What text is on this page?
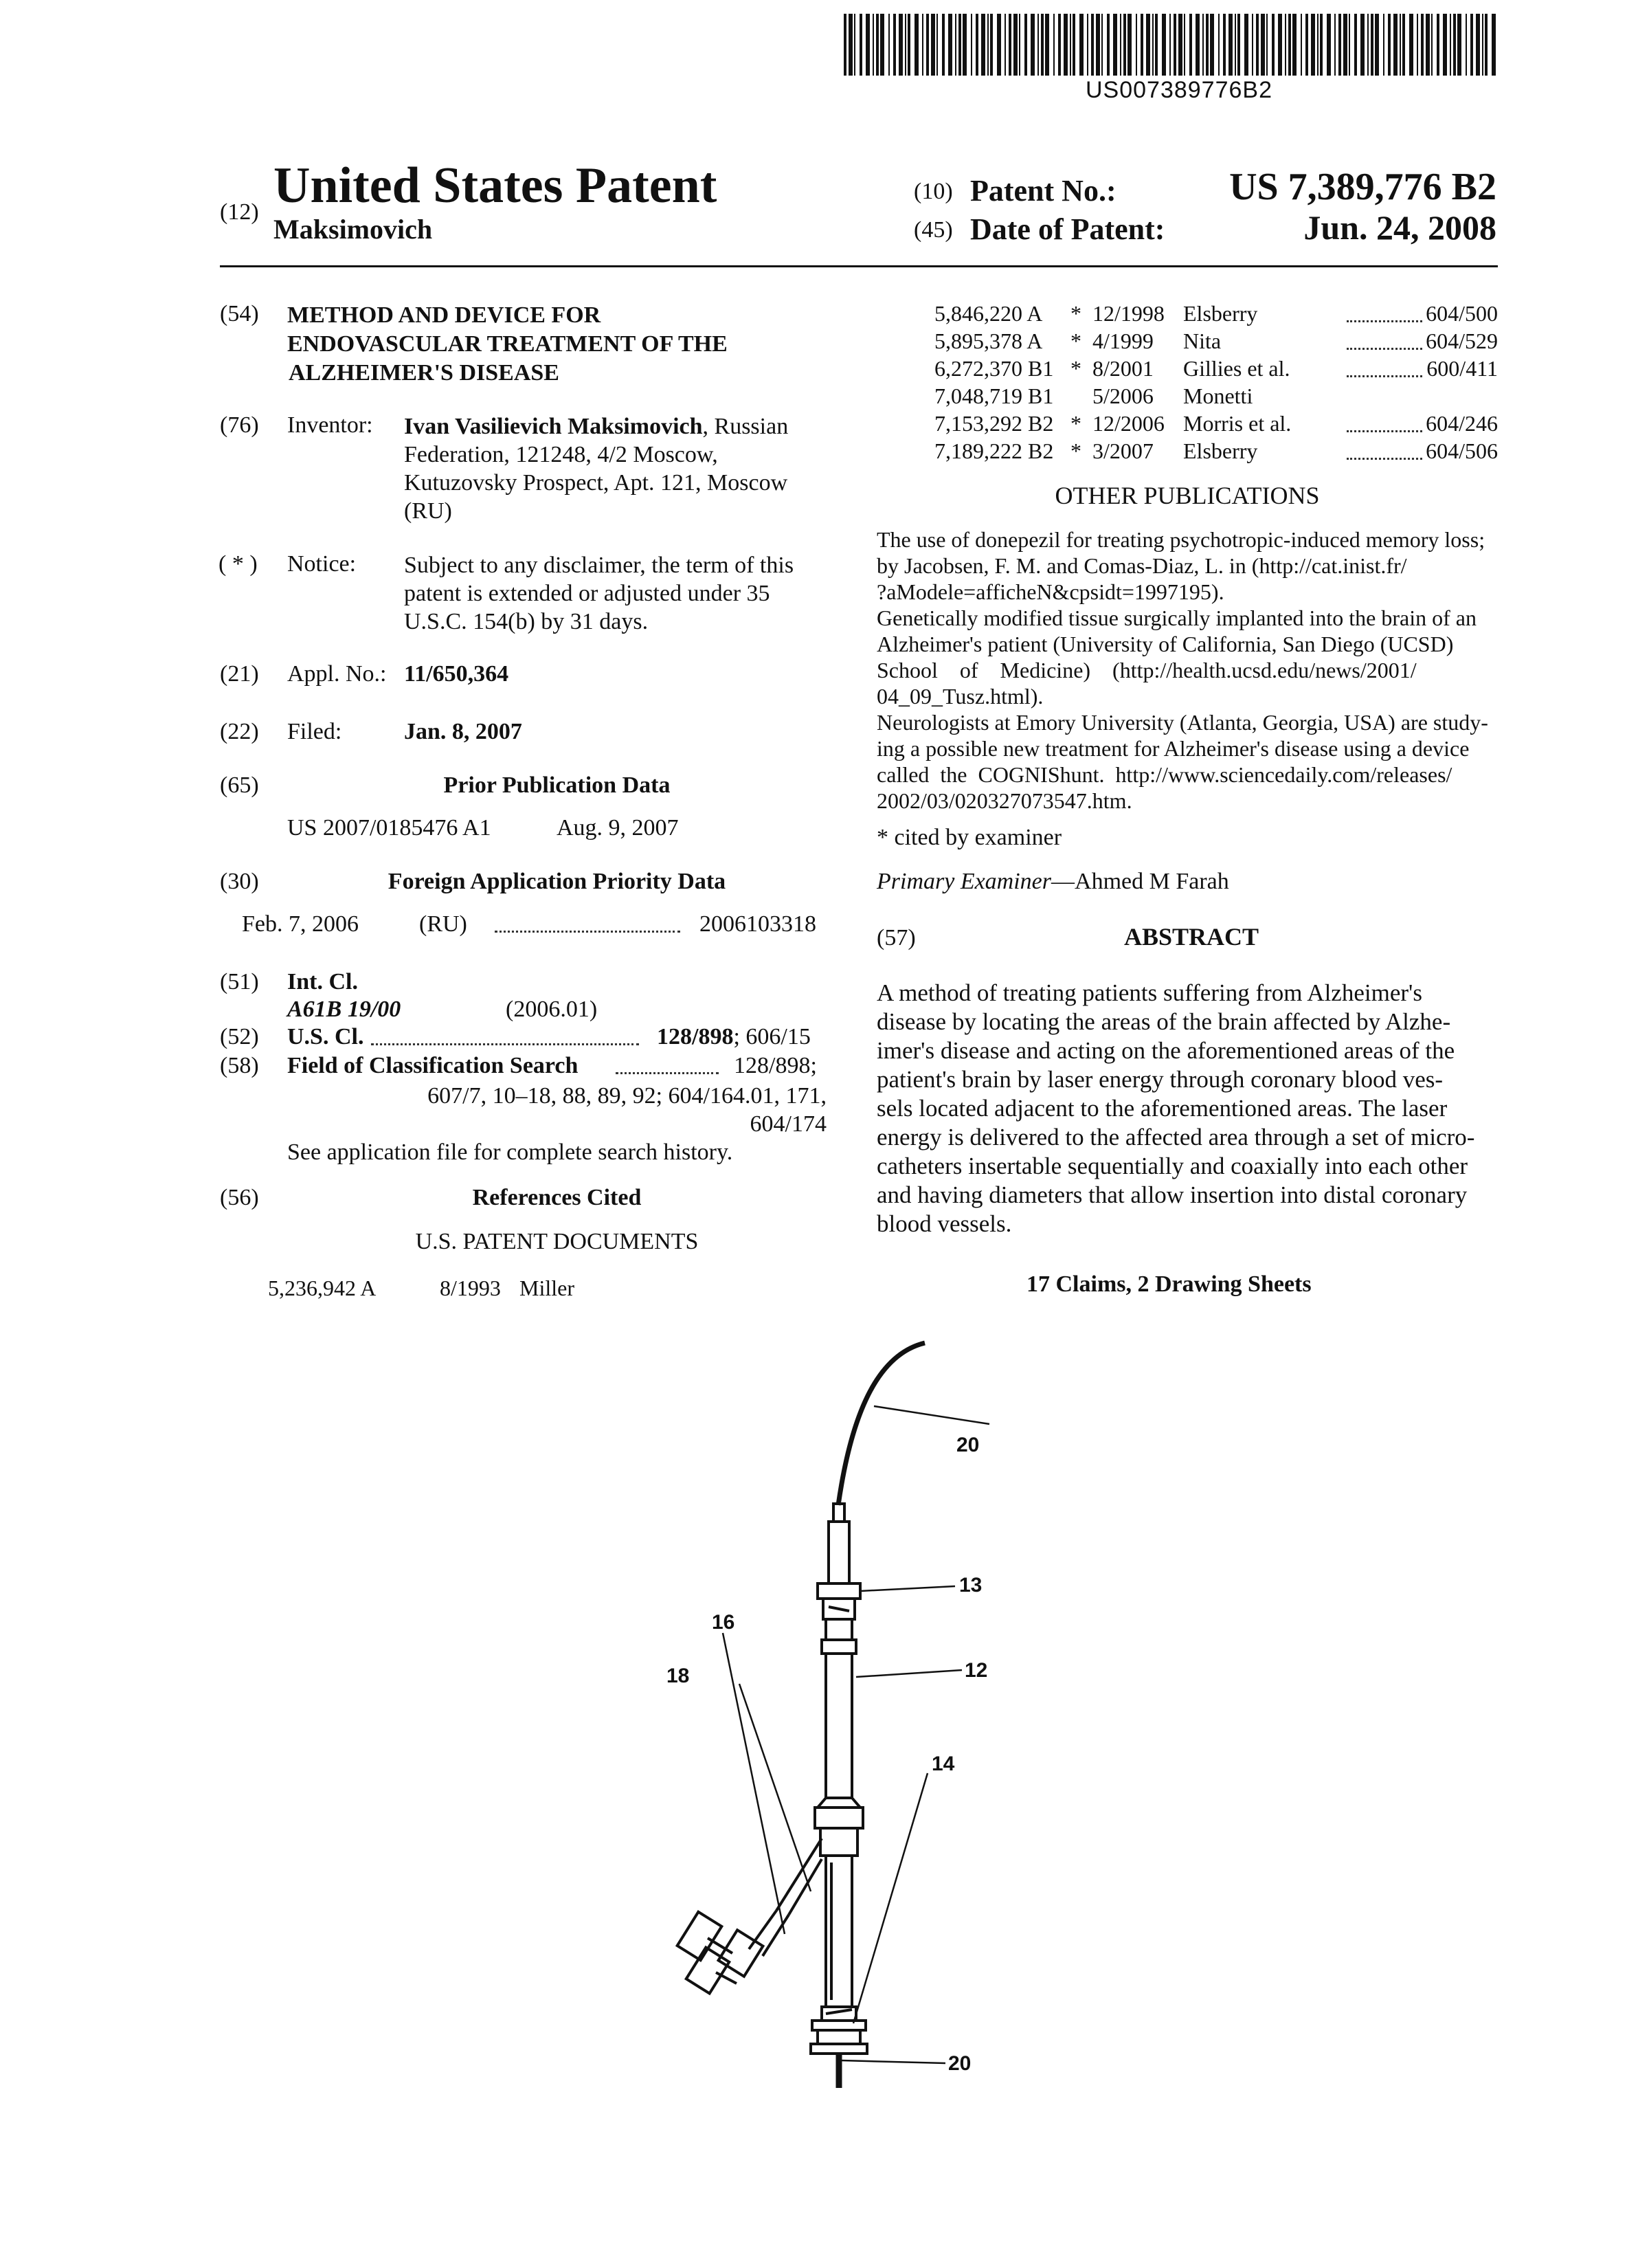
US007389776B2
(12) United States Patent
Maksimovich
(10) Patent No.:	US 7,389,776 B2
(45) Date of Patent:	Jun. 24, 2008
(54) METHOD AND DEVICE FOR
ENDOVASCULAR TREATMENT OF THE
ALZHEIMER'S DISEASE
(76) Inventor: Ivan Vasilievich Maksimovich, Russian
Federation, 121248, 4/2 Moscow,
Kutuzovsky Prospect, Apt. 121, Moscow
(RU)
( * ) Notice: Subject to any disclaimer, the term of this
patent is extended or adjusted under 35
U.S.C. 154(b) by 31 days.
(21) Appl. No.: 11/650,364
(22) Filed:	Jan. 8, 2007
(65)	Prior Publication Data
US 2007/0185476 A1	Aug. 9, 2007
(30)	Foreign Application Priority Data
Feb. 7, 2006	(RU)	2006103318
(51) Int. Cl.
A61B 19/00	(2006.01)
(52) U.S. Cl.	128/898; 606/15
(58) Field of Classification Search	128/898;
607/7, 10–18, 88, 89, 92; 604/164.01, 171,
604/174
See application file for complete search history.
(56)	References Cited
U.S. PATENT DOCUMENTS
5,236,942 A	8/1993 Miller
5,846,220 A * 12/1998 Elsberry	604/500
5,895,378 A * 4/1999 Nita	604/529
6,272,370 B1 * 8/2001 Gillies et al.	600/411
7,048,719 B1 5/2006 Monetti
7,153,292 B2 * 12/2006 Morris et al.	604/246
7,189,222 B2 * 3/2007 Elsberry	604/506
OTHER PUBLICATIONS
The use of donepezil for treating psychotropic-induced memory loss;
by Jacobsen, F. M. and Comas-Diaz, L. in (http://cat.inist.fr/
?aModele=afficheN&cpsidt=1997195).
Genetically modified tissue surgically implanted into the brain of an
Alzheimer's patient (University of California, San Diego (UCSD)
School    of    Medicine)    (http://health.ucsd.edu/news/2001/
04_09_Tusz.html).
Neurologists at Emory University (Atlanta, Georgia, USA) are study-
ing a possible new treatment for Alzheimer's disease using a device
called  the  COGNIShunt.  http://www.sciencedaily.com/releases/
2002/03/020327073547.htm.
* cited by examiner
Primary Examiner—Ahmed M Farah
(57)	ABSTRACT
A method of treating patients suffering from Alzheimer's
disease by locating the areas of the brain affected by Alzhe-
imer's disease and acting on the aforementioned areas of the
patient's brain by laser energy through coronary blood ves-
sels located adjacent to the aforementioned areas. The laser
energy is delivered to the affected area through a set of micro-
catheters insertable sequentially and coaxially into each other
and having diameters that allow insertion into distal coronary
blood vessels.
17 Claims, 2 Drawing Sheets
20
13
16
12
18
14
20
